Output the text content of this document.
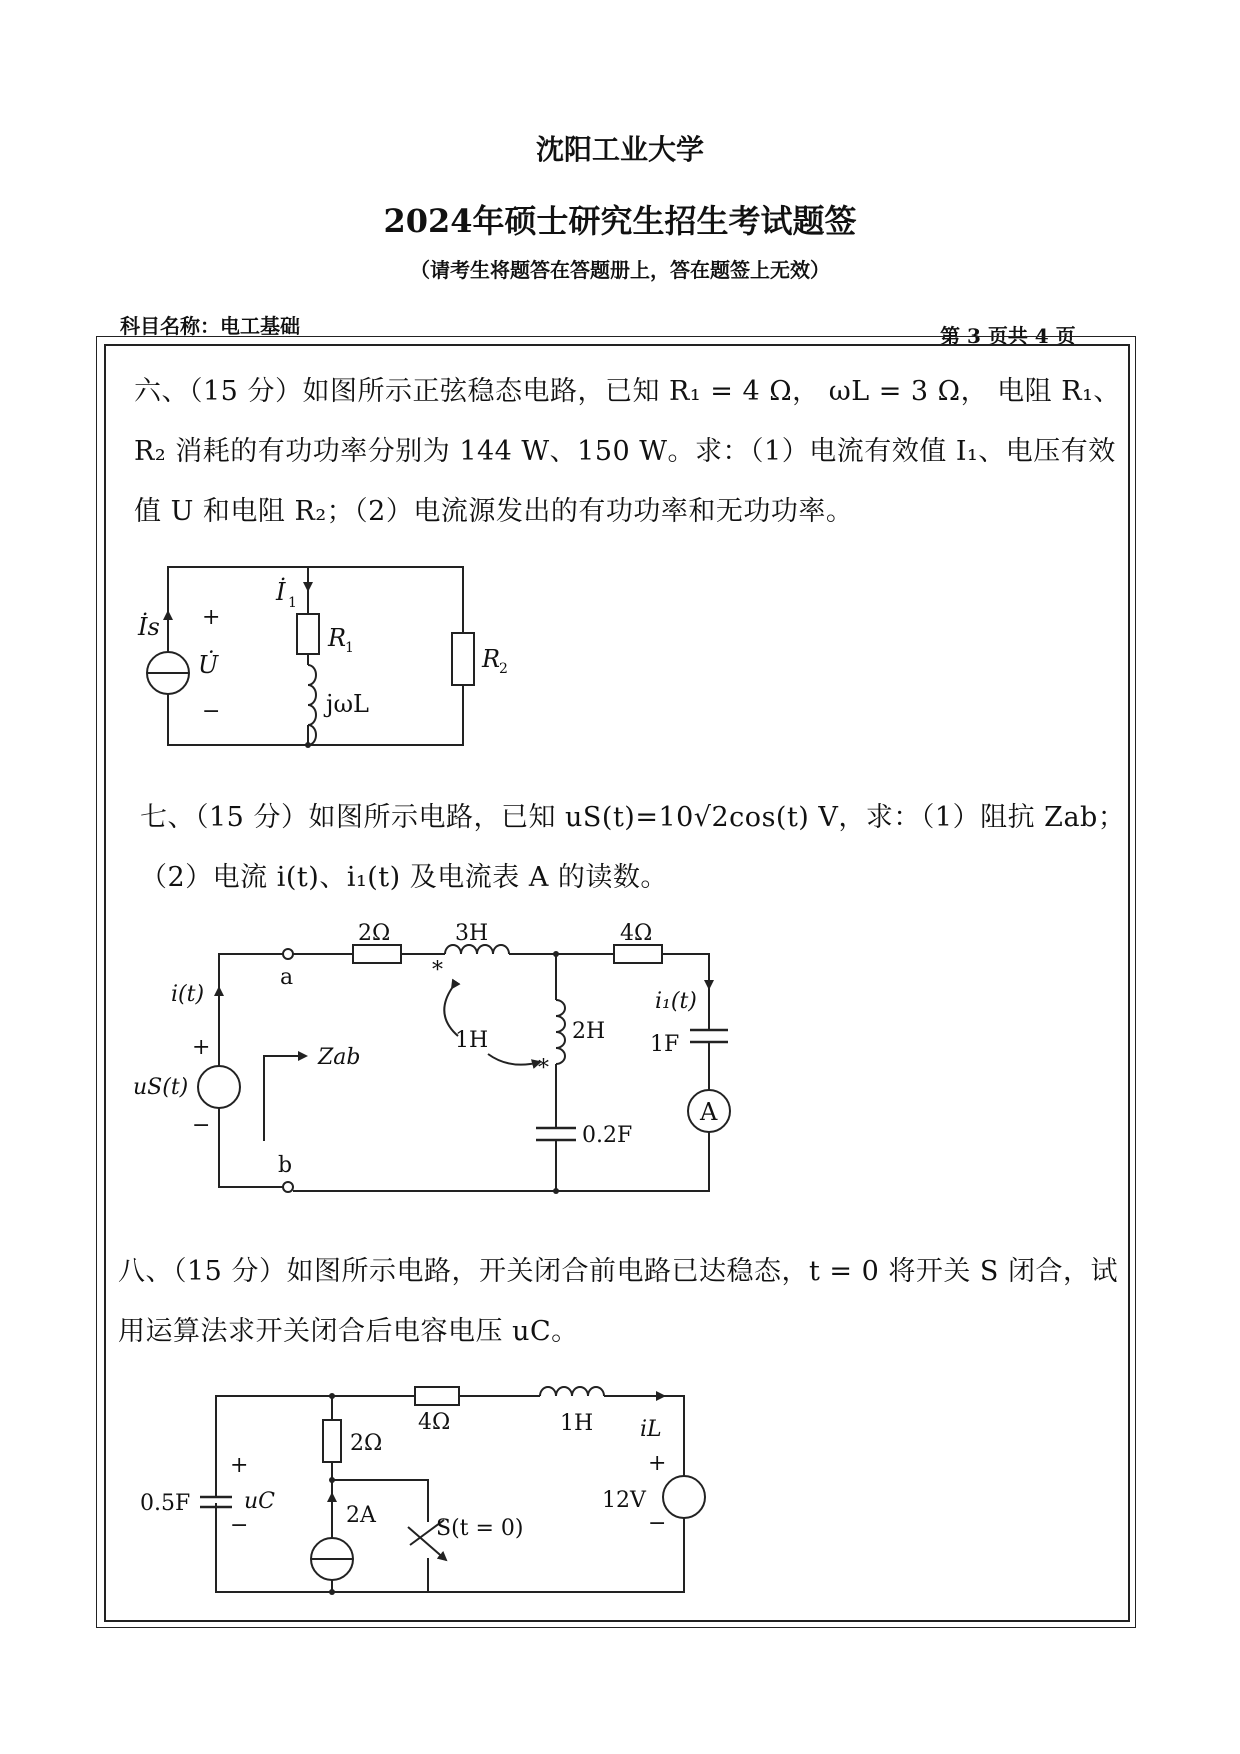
沈阳工业大学
2024年硕士研究生招生考试题签
（请考生将题答在答题册上，答在题签上无效）
科目名称：电工基础	第 3 页共 4 页
六、（15 分）如图所示正弦稳态电路，已知 R₁ = 4 Ω， ωL = 3 Ω， 电阻 R₁、R₂ 消耗的有功功率分别为 144 W、150 W。求：（1）电流有效值 I₁、电压有效值 U 和电阻 R₂；（2）电流源发出的有功功率和无功功率。
七、（15 分）如图所示电路，已知 uS(t)=10√2cos(t) V，求：（1）阻抗 Zab；（2）电流 i(t)、i₁(t) 及电流表 A 的读数。
八、（15 分）如图所示电路，开关闭合前电路已达稳态，t = 0 将开关 S 闭合，试用运算法求开关闭合后电容电压 uC。
İs +
U̇
−
İ 1
R
1
jωL
R
2
a
b
2Ω	3H
*
4Ω
i₁(t)
1F
A
2H
*
0.2F
1H
i(t)
+
−
uS(t)
Zab
4Ω	1H iL
+
−
12V
0.5F
+
uC
−
2Ω
2A
S(t = 0)
